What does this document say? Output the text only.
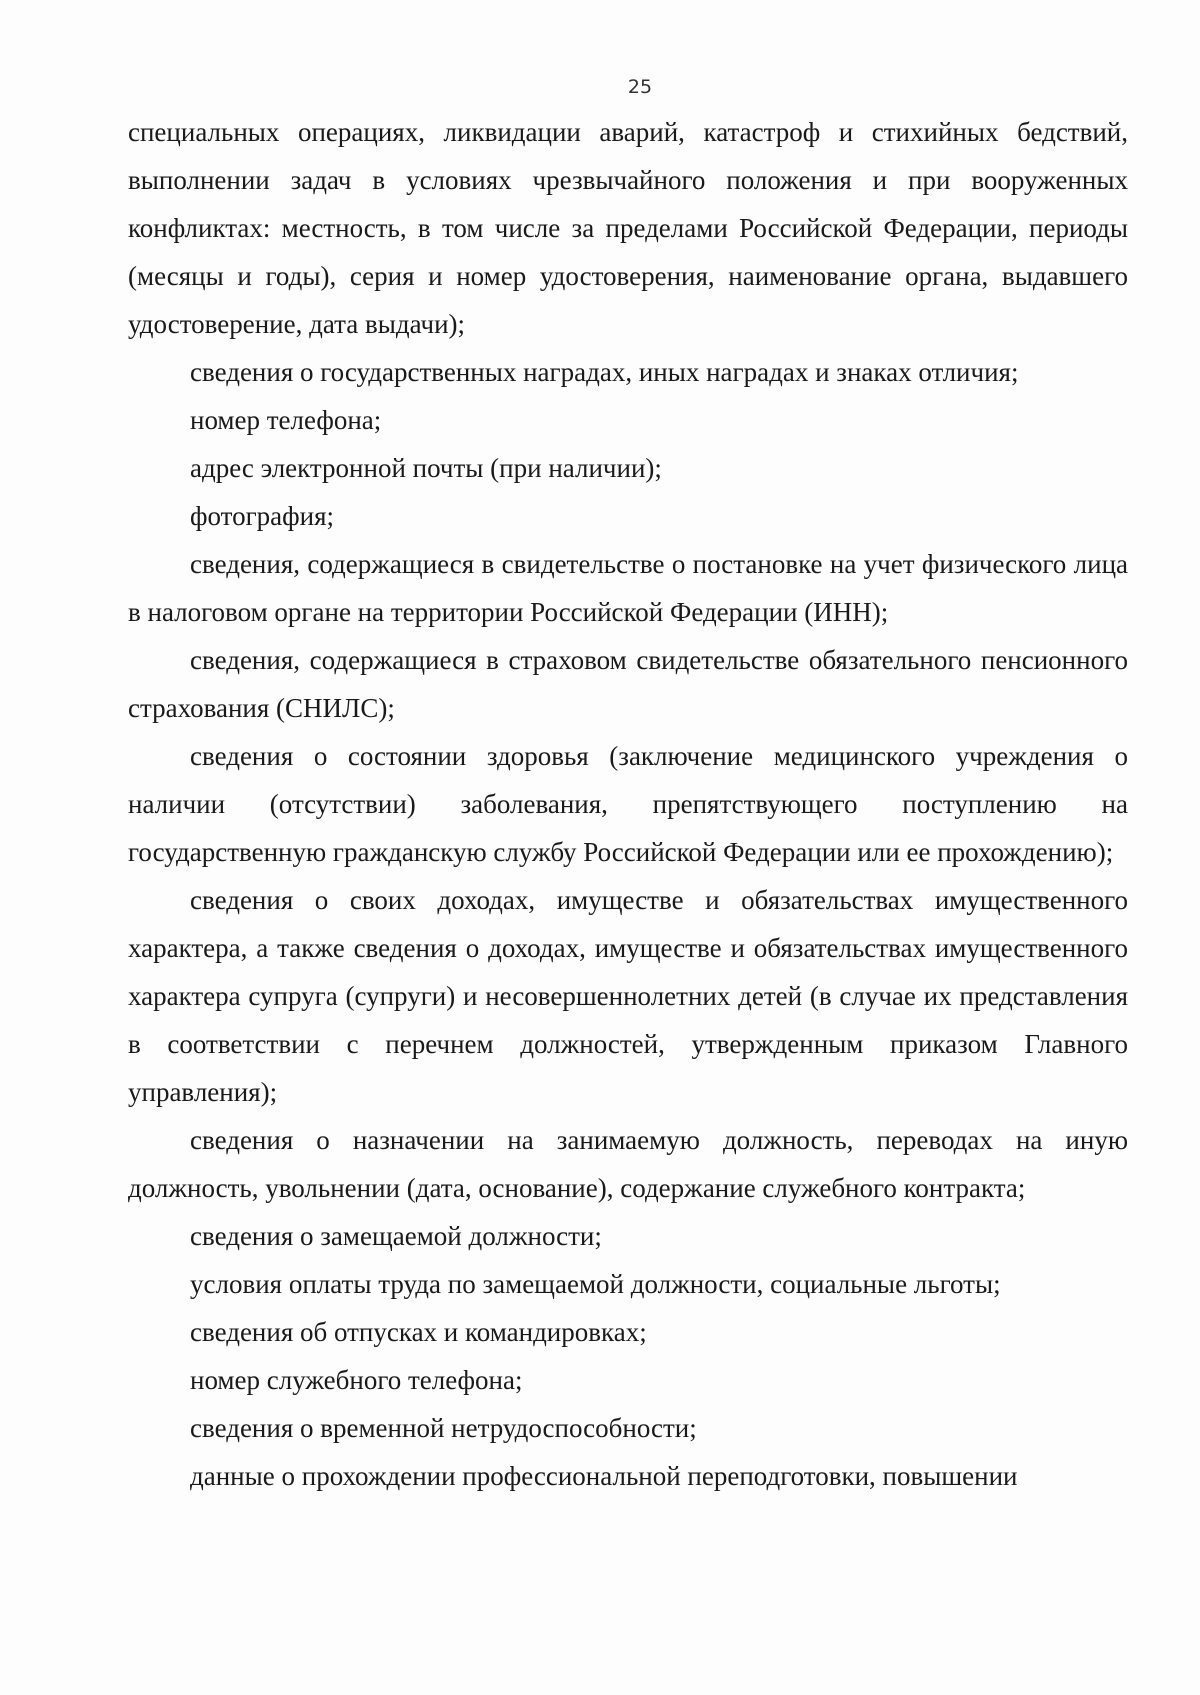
25

специальных операциях, ликвидации аварий, катастроф и стихийных бедствий, выполнении задач в условиях чрезвычайного положения и при вооруженных конфликтах: местность, в том числе за пределами Российской Федерации, периоды (месяцы и годы), серия и номер удостоверения, наименование органа, выдавшего удостоверение, дата выдачи);

сведения о государственных наградах, иных наградах и знаках отличия;

номер телефона;

адрес электронной почты (при наличии);

фотография;

сведения, содержащиеся в свидетельстве о постановке на учет физического лица в налоговом органе на территории Российской Федерации (ИНН);

сведения, содержащиеся в страховом свидетельстве обязательного пенсионного страхования (СНИЛС);

сведения о состоянии здоровья (заключение медицинского учреждения о наличии (отсутствии) заболевания, препятствующего поступлению на государственную гражданскую службу Российской Федерации или ее прохождению);

сведения о своих доходах, имуществе и обязательствах имущественного характера, а также сведения о доходах, имуществе и обязательствах имущественного характера супруга (супруги) и несовершеннолетних детей (в случае их представления в соответствии с перечнем должностей, утвержденным приказом Главного управления);

сведения о назначении на занимаемую должность, переводах на иную должность, увольнении (дата, основание), содержание служебного контракта;

сведения о замещаемой должности;

условия оплаты труда по замещаемой должности, социальные льготы;

сведения об отпусках и командировках;

номер служебного телефона;

сведения о временной нетрудоспособности;

данные о прохождении профессиональной переподготовки, повышении
